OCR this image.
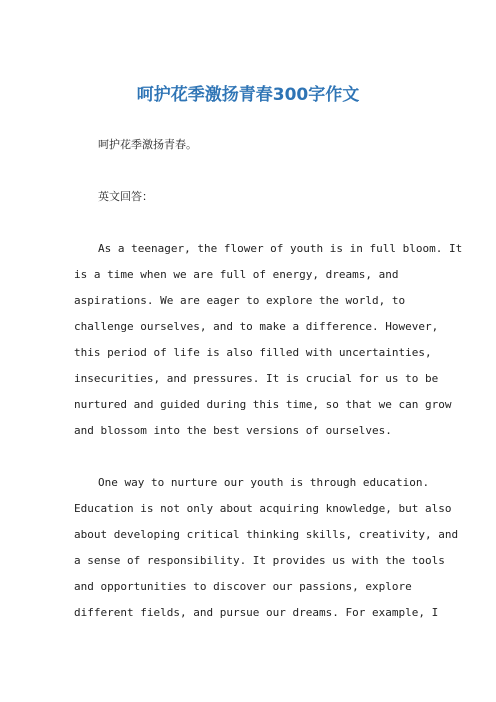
呵护花季激扬青春300字作文

呵护花季激扬青春。

英文回答：

As a teenager, the flower of youth is in full bloom. It

is a time when we are full of energy, dreams, and

aspirations. We are eager to explore the world, to

challenge ourselves, and to make a difference. However,

this period of life is also filled with uncertainties,

insecurities, and pressures. It is crucial for us to be

nurtured and guided during this time, so that we can grow

and blossom into the best versions of ourselves.

One way to nurture our youth is through education.

Education is not only about acquiring knowledge, but also

about developing critical thinking skills, creativity, and

a sense of responsibility. It provides us with the tools

and opportunities to discover our passions, explore

different fields, and pursue our dreams. For example, I
